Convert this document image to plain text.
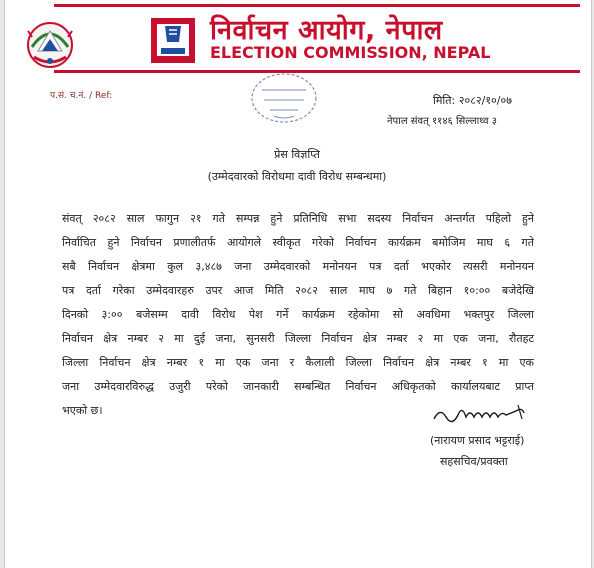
निर्वाचन आयोग, नेपाल
ELECTION COMMISSION, NEPAL
प.सं. च.नं. / Ref:	मिति: २०८२/१०/०७
नेपाल संवत् ११४६ सिल्लाथ्व ३
प्रेस विज्ञप्ति
(उम्मेदवारको विरोधमा दावी विरोध सम्बन्धमा)
संवत् २०८२ साल फागुन २१ गते सम्पन्न हुने प्रतिनिधि सभा सदस्य निर्वाचन अन्तर्गत पहिलो हुने
निर्वाचित हुने निर्वाचन प्रणालीतर्फ आयोगले स्वीकृत गरेको निर्वाचन कार्यक्रम बमोजिम माघ ६ गते
सबै निर्वाचन क्षेत्रमा कुल ३,४८७ जना उम्मेदवारको मनोनयन पत्र दर्ता भएकोर त्यसरी मनोनयन
पत्र दर्ता गरेका उम्मेदवारहरु उपर आज मिति २०८२ साल माघ ७ गते बिहान १०:०० बजेदेखि
दिनको ३:०० बजेसम्म दावी विरोध पेश गर्ने कार्यक्रम रहेकोमा सो अवधिमा भक्तपुर जिल्ला
निर्वाचन क्षेत्र नम्बर २ मा दुई जना, सुनसरी जिल्ला निर्वाचन क्षेत्र नम्बर २ मा एक जना, रौतहट
जिल्ला निर्वाचन क्षेत्र नम्बर १ मा एक जना र कैलाली जिल्ला निर्वाचन क्षेत्र नम्बर १ मा एक
जना उम्मेदवारविरुद्ध उजुरी परेको जानकारी सम्बन्धित निर्वाचन अधिकृतको कार्यालयबाट प्राप्त
भएको छ।
(नारायण प्रसाद भट्टराई)
सहसचिव/प्रवक्ता
